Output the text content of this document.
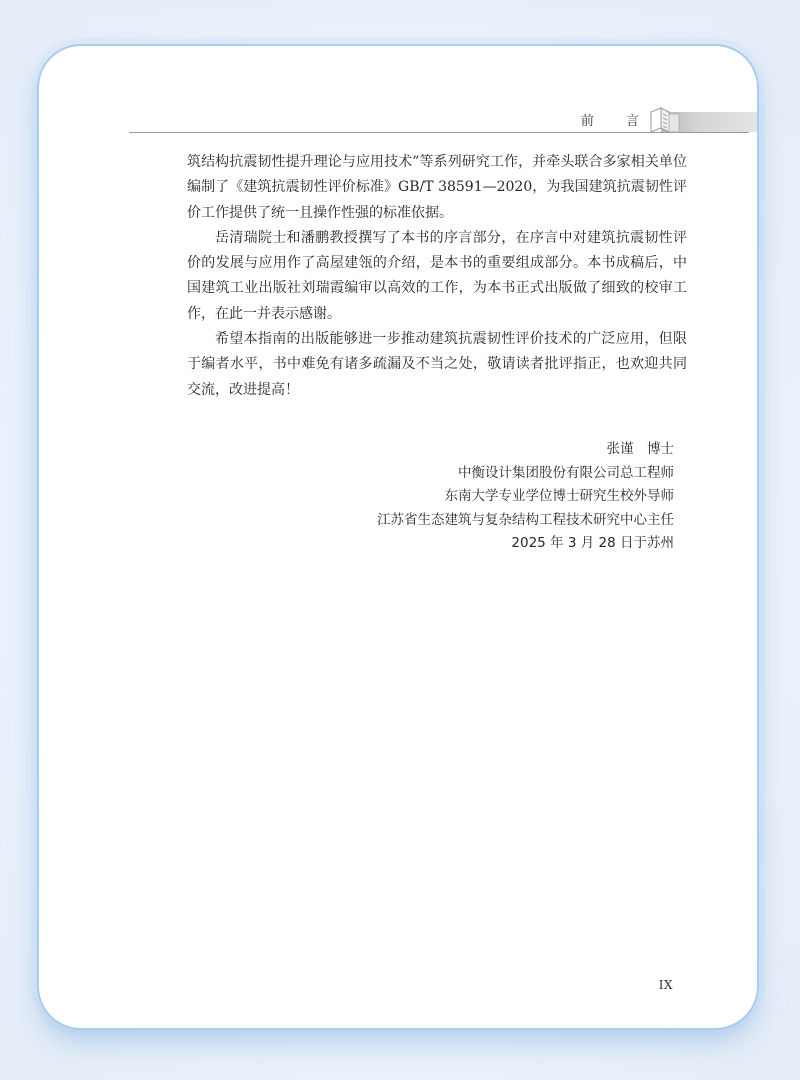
前 言

筑结构抗震韧性提升理论与应用技术”等系列研究工作，并牵头联合多家相关单位编制了《建筑抗震韧性评价标准》GB/T 38591—2020，为我国建筑抗震韧性评价工作提供了统一且操作性强的标准依据。

岳清瑞院士和潘鹏教授撰写了本书的序言部分，在序言中对建筑抗震韧性评价的发展与应用作了高屋建瓴的介绍，是本书的重要组成部分。本书成稿后，中国建筑工业出版社刘瑞霞编审以高效的工作，为本书正式出版做了细致的校审工作，在此一并表示感谢。

希望本指南的出版能够进一步推动建筑抗震韧性评价技术的广泛应用，但限于编者水平，书中难免有诸多疏漏及不当之处，敬请读者批评指正，也欢迎共同交流，改进提高！

张谨　博士
中衡设计集团股份有限公司总工程师
东南大学专业学位博士研究生校外导师
江苏省生态建筑与复杂结构工程技术研究中心主任
2025 年 3 月 28 日于苏州
IX
